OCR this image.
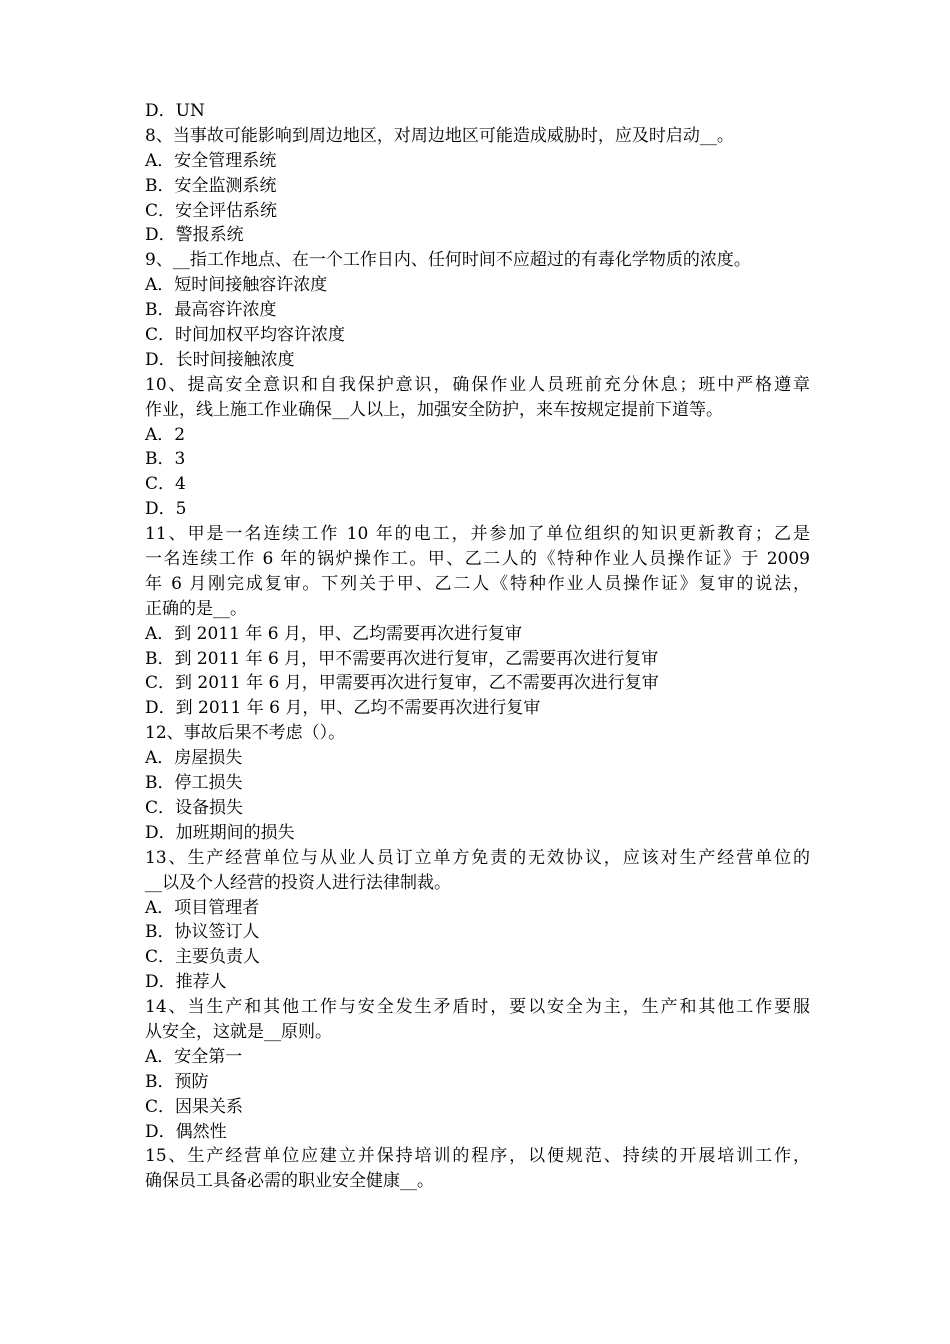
D．UN
8、当事故可能影响到周边地区，对周边地区可能造成威胁时，应及时启动__。
A．安全管理系统
B．安全监测系统
C．安全评估系统
D．警报系统
9、__指工作地点、在一个工作日内、任何时间不应超过的有毒化学物质的浓度。
A．短时间接触容许浓度
B．最高容许浓度
C．时间加权平均容许浓度
D．长时间接触浓度
10、提高安全意识和自我保护意识，确保作业人员班前充分休息；班中严格遵章
作业，线上施工作业确保__人以上，加强安全防护，来车按规定提前下道等。
A．2
B．3
C．4
D．5
11、甲是一名连续工作 10 年的电工，并参加了单位组织的知识更新教育；乙是
一名连续工作 6 年的锅炉操作工。甲、乙二人的《特种作业人员操作证》于 2009
年 6 月刚完成复审。下列关于甲、乙二人《特种作业人员操作证》复审的说法，
正确的是__。
A．到 2011 年 6 月，甲、乙均需要再次进行复审
B．到 2011 年 6 月，甲不需要再次进行复审，乙需要再次进行复审
C．到 2011 年 6 月，甲需要再次进行复审，乙不需要再次进行复审
D．到 2011 年 6 月，甲、乙均不需要再次进行复审
12、事故后果不考虑（）。
A．房屋损失
B．停工损失
C．设备损失
D．加班期间的损失
13、生产经营单位与从业人员订立单方免责的无效协议，应该对生产经营单位的
__以及个人经营的投资人进行法律制裁。
A．项目管理者
B．协议签订人
C．主要负责人
D．推荐人
14、当生产和其他工作与安全发生矛盾时，要以安全为主，生产和其他工作要服
从安全，这就是__原则。
A．安全第一
B．预防
C．因果关系
D．偶然性
15、生产经营单位应建立并保持培训的程序，以便规范、持续的开展培训工作，
确保员工具备必需的职业安全健康__。
